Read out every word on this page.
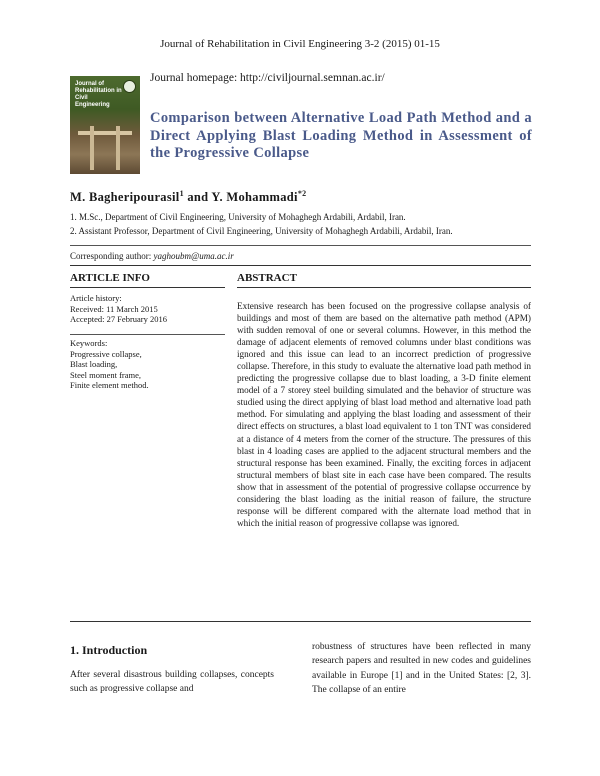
Journal of Rehabilitation in Civil Engineering 3-2 (2015) 01-15
Journal of Rehabilitation in Civil Engineering
Journal homepage: http://civiljournal.semnan.ac.ir/
Comparison between Alternative Load Path Method and a Direct Applying Blast Loading Method in Assessment of the Progressive Collapse
M. Bagheripourasil$^1$ and Y. Mohammadi$^{*2}$
1. M.Sc., Department of Civil Engineering, University of Mohaghegh Ardabili, Ardabil, Iran.
2. Assistant Professor, Department of Civil Engineering, University of Mohaghegh Ardabili, Ardabil, Iran.
Corresponding author: yaghoubm@uma.ac.ir
ARTICLE INFO	ABSTRACT
Article history:
Received: 11 March 2015
Accepted: 27 February 2016
Keywords:
Progressive collapse,
Blast loading,
Steel moment frame,
Finite element method.
Extensive research has been focused on the progressive collapse analysis of buildings and most of them are based on the alternative path method (APM) with sudden removal of one or several columns. However, in this method the damage of adjacent elements of removed columns under blast conditions was ignored and this issue can lead to an incorrect prediction of progressive collapse. Therefore, in this study to evaluate the alternative load path method in predicting the progressive collapse due to blast loading, a 3-D finite element model of a 7 storey steel building simulated and the behavior of structure was studied using the direct applying of blast load method and alternative load path method. For simulating and applying the blast loading and assessment of their direct effects on structures, a blast load equivalent to 1 ton TNT was considered at a distance of 4 meters from the corner of the structure. The pressures of this blast in 4 loading cases are applied to the adjacent structural members and the structural response has been examined. Finally, the exciting forces in adjacent structural members of blast site in each case have been compared. The results show that in assessment of the potential of progressive collapse occurrence by considering the blast loading as the initial reason of failure, the structure response will be different compared with the alternate load method that in which the initial reason of progressive collapse was ignored.
1. Introduction
After several disastrous building collapses, concepts such as progressive collapse and
robustness of structures have been reflected in many research papers and resulted in new codes and guidelines available in Europe [1] and in the United States: [2, 3]. The collapse of an entire
